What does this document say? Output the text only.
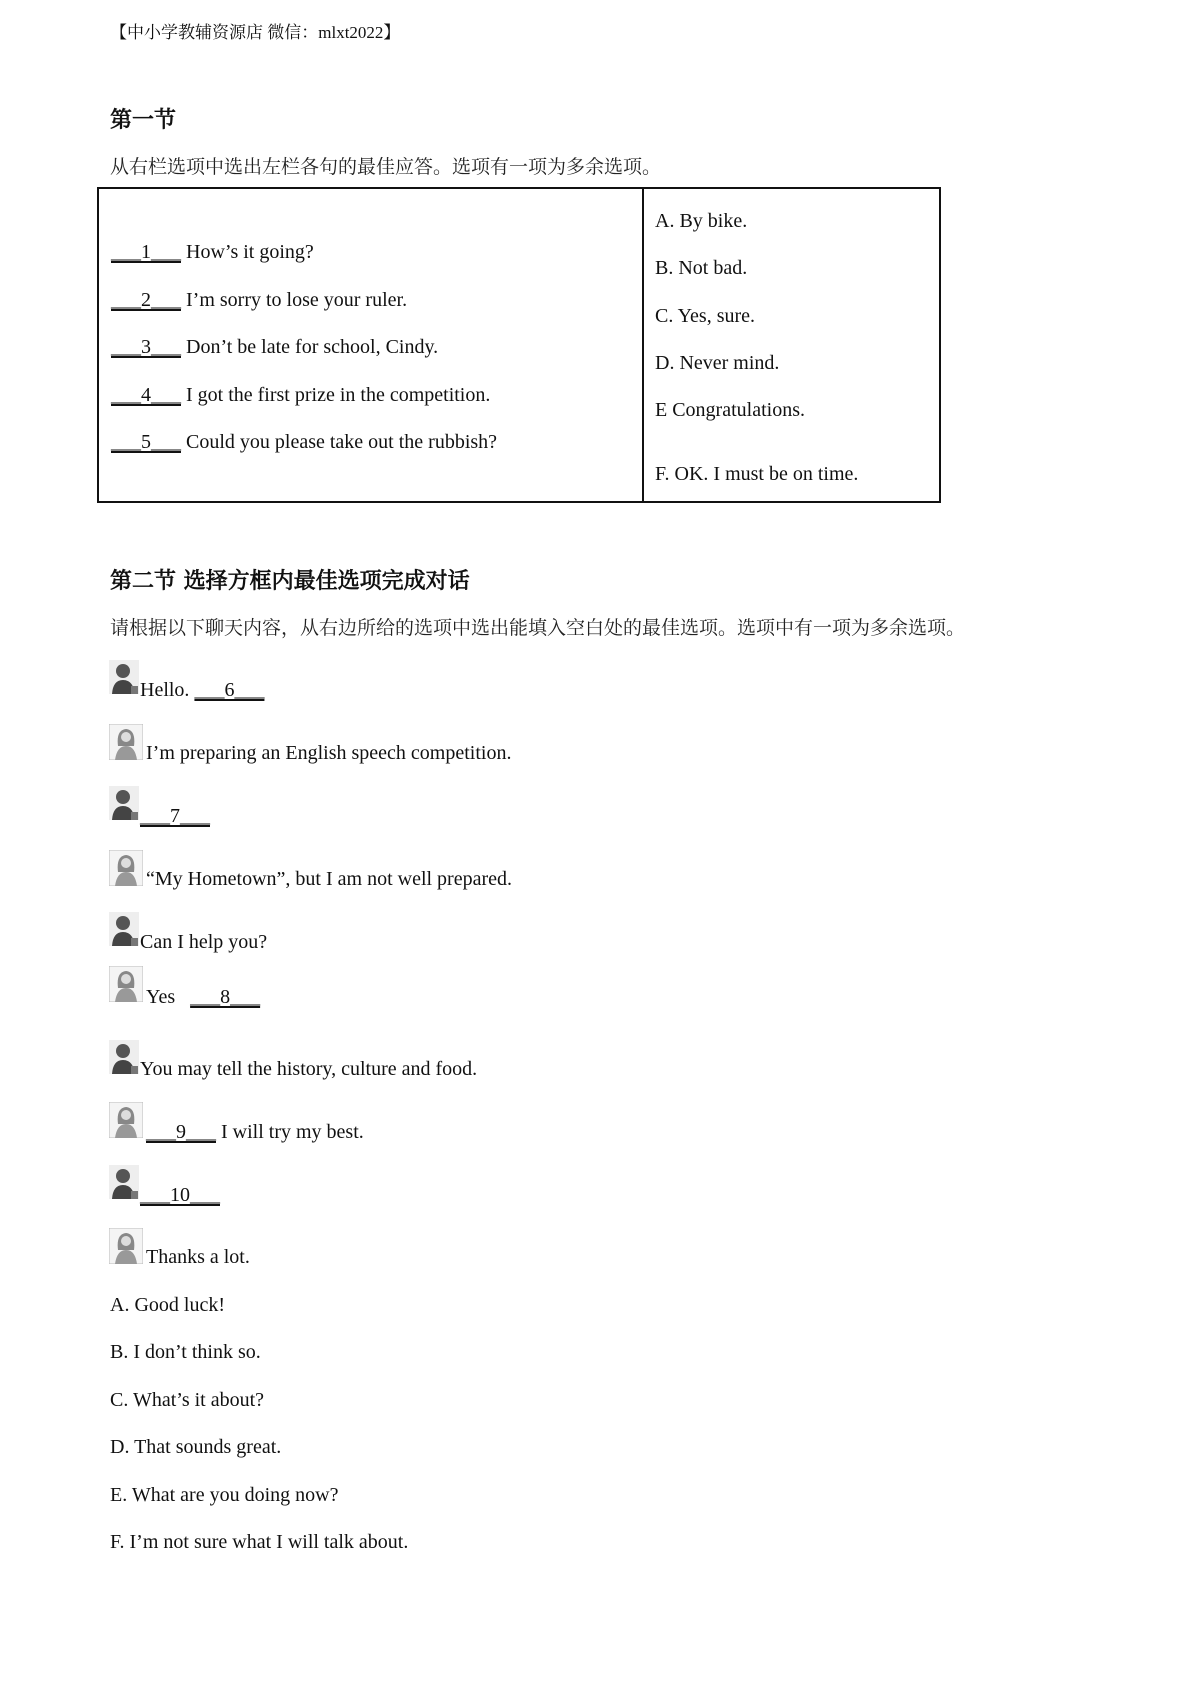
【中小学教辅资源店 微信：mlxt2022】
第一节
从右栏选项中选出左栏各句的最佳应答。选项有一项为多余选项。
___1___ How’s it going?
___2___ I’m sorry to lose your ruler.
___3___ Don’t be late for school, Cindy.
___4___ I got the first prize in the competition.
___5___ Could you please take out the rubbish?
A. By bike.
B. Not bad.
C. Yes, sure.
D. Never mind.
E Congratulations.
F. OK. I must be on time.
第二节 选择方框内最佳选项完成对话
请根据以下聊天内容，从右边所给的选项中选出能填入空白处的最佳选项。选项中有一项为多余选项。
Hello. ___6___
I’m preparing an English speech competition.
___7___
“My Hometown”, but I am not well prepared.
Can I help you?
Yes   ___8___
You may tell the history, culture and food.
___9___ I will try my best.
___10___
Thanks a lot.
A. Good luck!
B. I don’t think so.
C. What’s it about?
D. That sounds great.
E. What are you doing now?
F. I’m not sure what I will talk about.
